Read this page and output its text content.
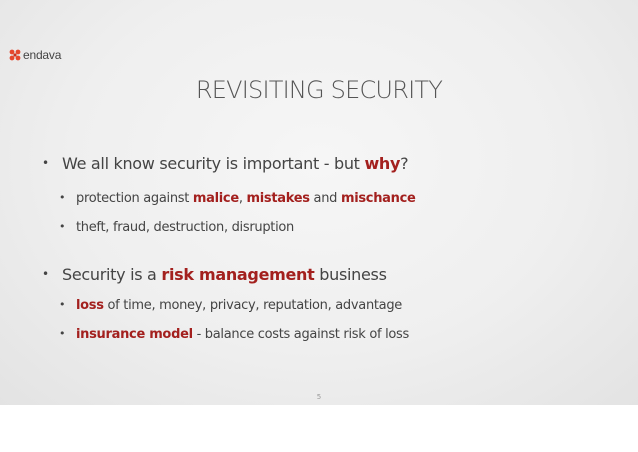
endava
REVISITING SECURITY
• We all know security is important - but why?
• protection against malice, mistakes and mischance
• theft, fraud, destruction, disruption
• Security is a risk management business
• loss of time, money, privacy, reputation, advantage
• insurance model - balance costs against risk of loss
5
